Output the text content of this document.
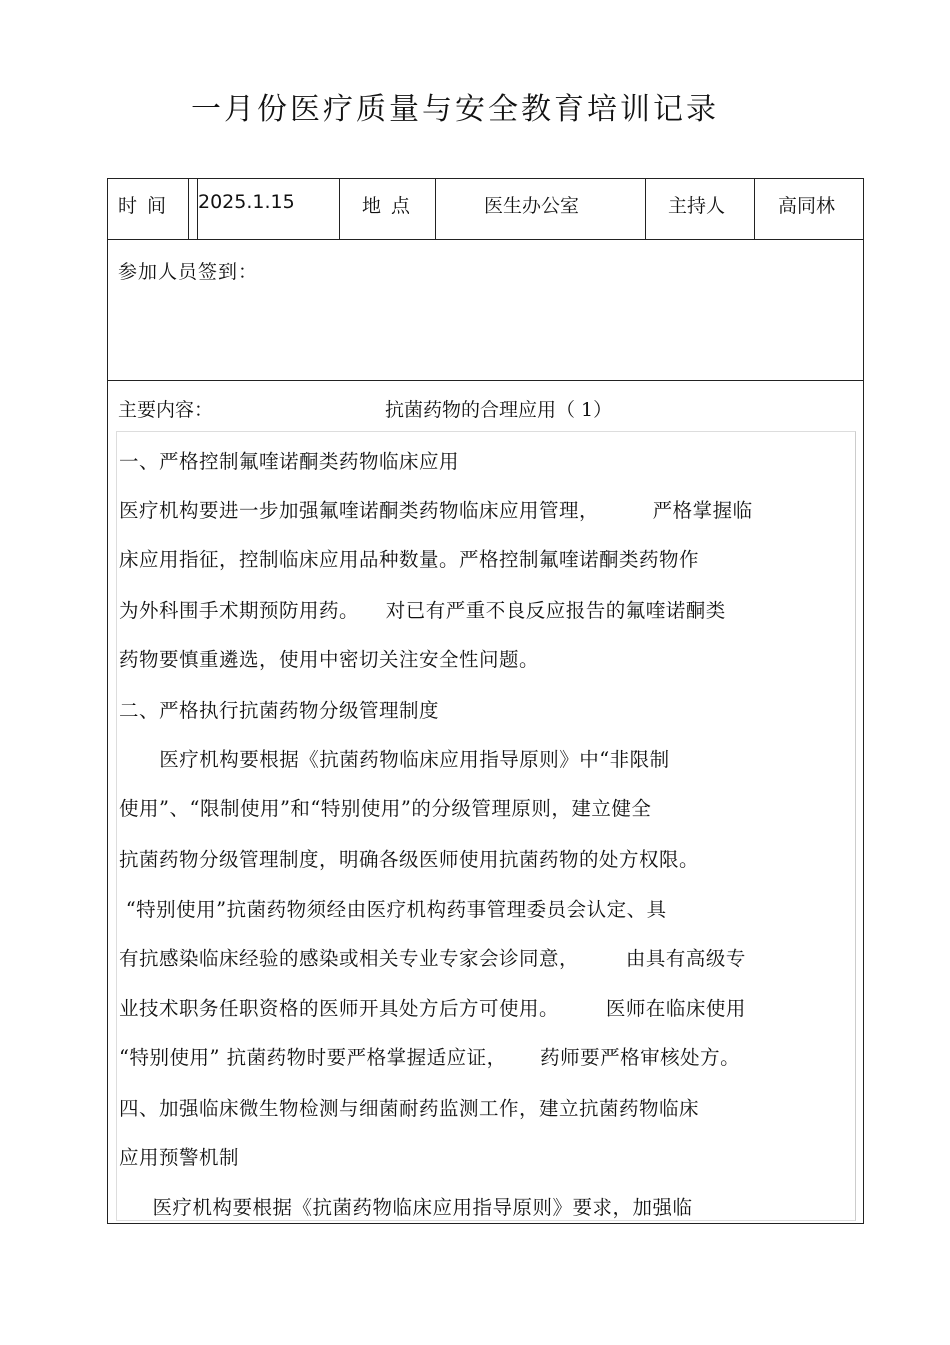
一月份医疗质量与安全教育培训记录
时 间 2025.1.15	地 点	医生办公室	主持人	高同林
参加人员签到：
主要内容：	抗菌药物的合理应用（ 1）
一、严格控制氟喹诺酮类药物临床应用
医疗机构要进一步加强氟喹诺酮类药物临床应用管理，        严格掌握临
床应用指征，控制临床应用品种数量。严格控制氟喹诺酮类药物作
为外科围手术期预防用药。    对已有严重不良反应报告的氟喹诺酮类
药物要慎重遴选，使用中密切关注安全性问题。
二、严格执行抗菌药物分级管理制度
医疗机构要根据《抗菌药物临床应用指导原则》中“非限制
使用”、“限制使用”和“特别使用”的分级管理原则，建立健全
抗菌药物分级管理制度，明确各级医师使用抗菌药物的处方权限。
“特别使用”抗菌药物须经由医疗机构药事管理委员会认定、具
有抗感染临床经验的感染或相关专业专家会诊同意，       由具有高级专
业技术职务任职资格的医师开具处方后方可使用。       医师在临床使用
“特别使用” 抗菌药物时要严格掌握适应证，     药师要严格审核处方。
四、加强临床微生物检测与细菌耐药监测工作，建立抗菌药物临床
应用预警机制
医疗机构要根据《抗菌药物临床应用指导原则》要求，加强临
